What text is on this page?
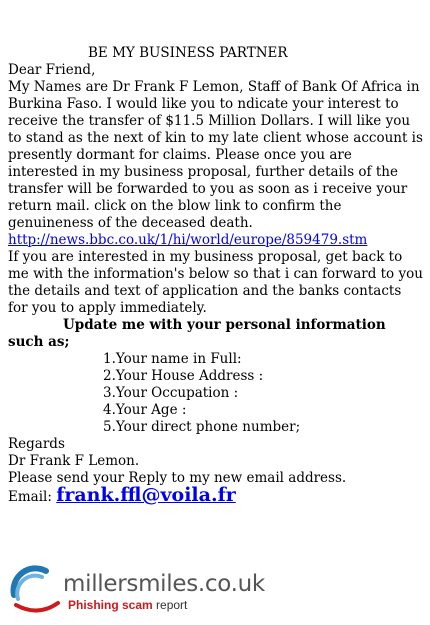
BE MY BUSINESS PARTNER

Dear Friend,

My Names are Dr Frank F Lemon, Staff of Bank Of Africa in Burkina Faso. I would like you to ndicate your interest to receive the transfer of $11.5 Million Dollars. I will like you to stand as the next of kin to my late client whose account is presently dormant for claims. Please once you are interested in my business proposal, further details of the transfer will be forwarded to you as soon as i receive your return mail. click on the blow link to confirm the genuineness of the deceased death. http://news.bbc.co.uk/1/hi/world/europe/859479.stm

If you are interested in my business proposal, get back to me with the information's below so that i can forward to you the details and text of application and the banks contacts for you to apply immediately.

Update me with your personal information such as;

1.Your name in Full:
2.Your House Address :
3.Your Occupation :
4.Your Age :
5.Your direct phone number;

Regards

Dr Frank F Lemon.

Please send your Reply to my new email address.

Email: frank.ffl@voila.fr

millersmiles.co.uk
Phishing scam report
